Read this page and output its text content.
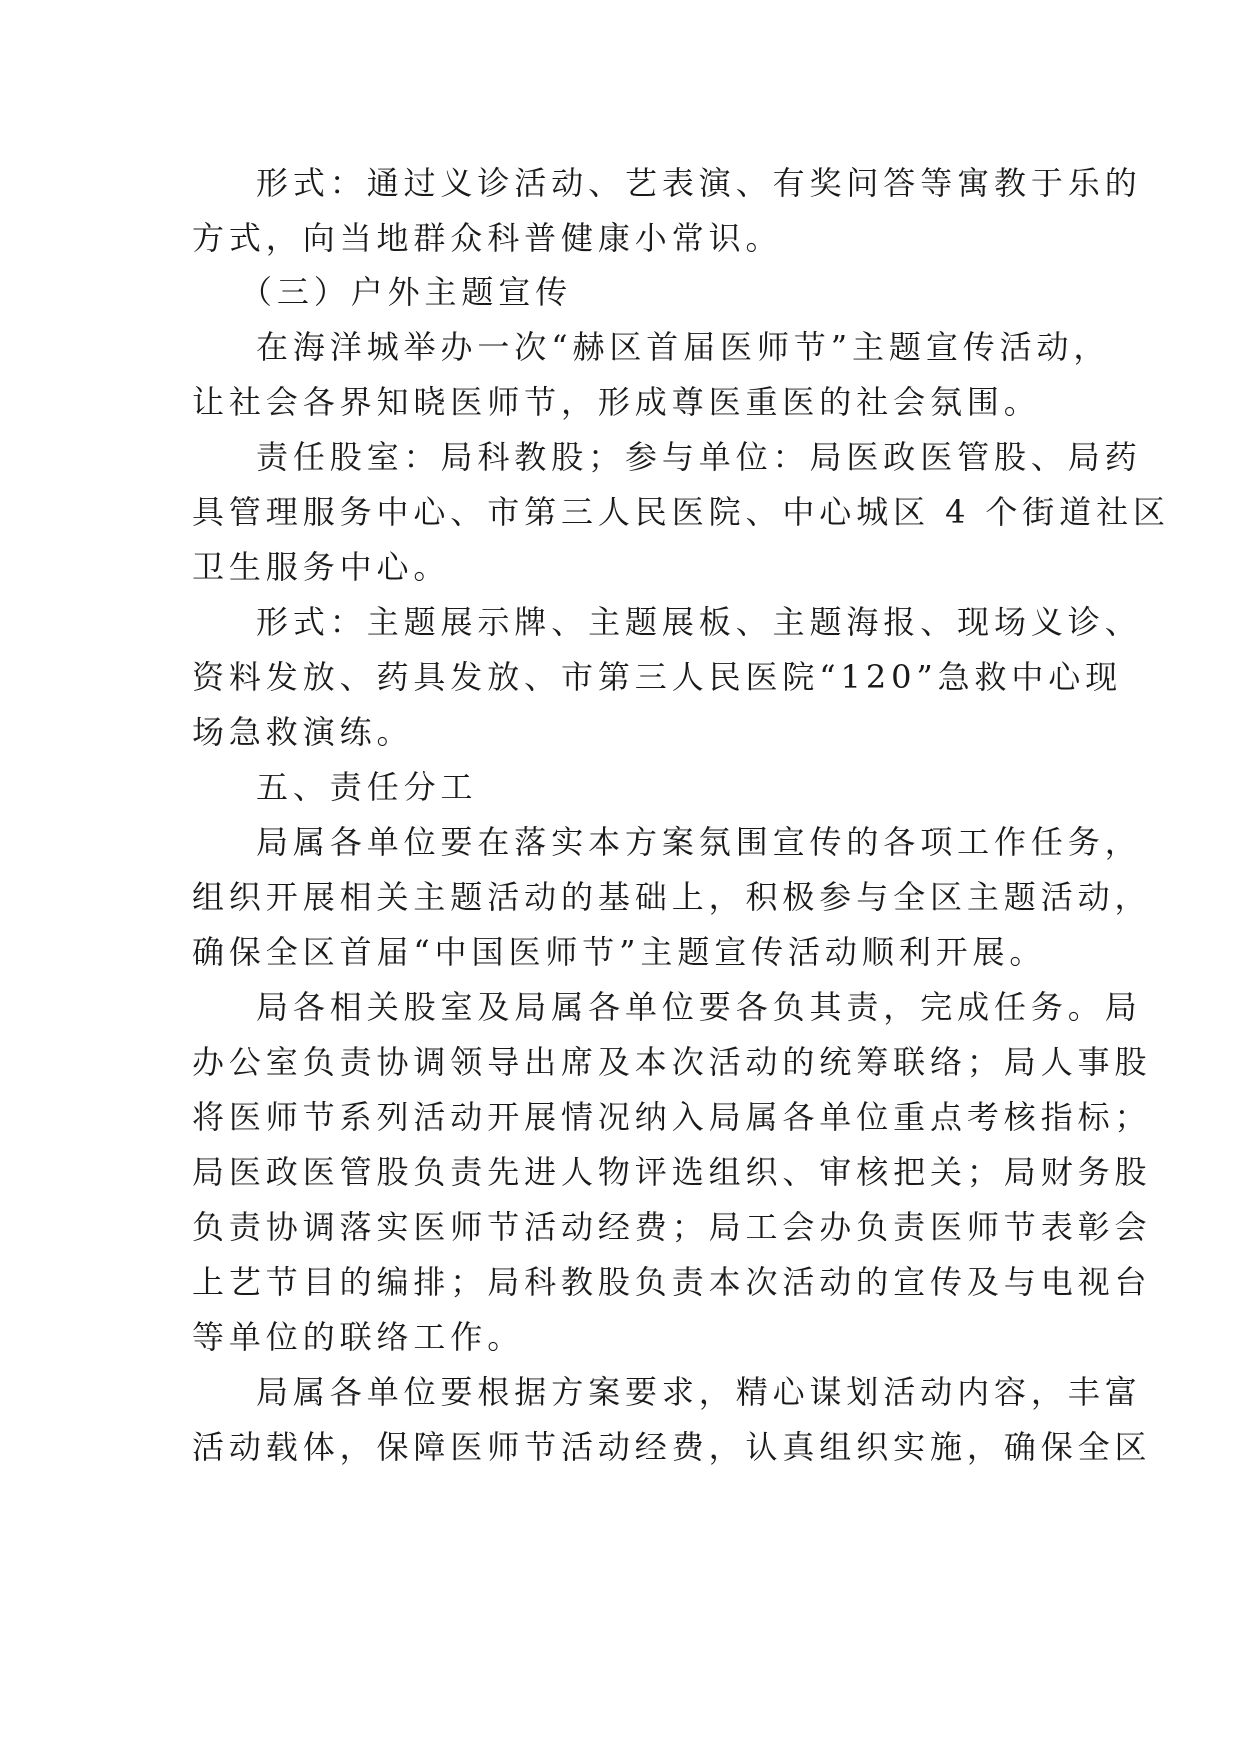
形式：通过义诊活动、艺表演、有奖问答等寓教于乐的
方式，向当地群众科普健康小常识。
（三）户外主题宣传
在海洋城举办一次“赫区首届医师节”主题宣传活动，
让社会各界知晓医师节，形成尊医重医的社会氛围。
责任股室：局科教股；参与单位：局医政医管股、局药
具管理服务中心、市第三人民医院、中心城区 4 个街道社区
卫生服务中心。
形式：主题展示牌、主题展板、主题海报、现场义诊、
资料发放、药具发放、市第三人民医院“120”急救中心现
场急救演练。
五、责任分工
局属各单位要在落实本方案氛围宣传的各项工作任务，
组织开展相关主题活动的基础上，积极参与全区主题活动，
确保全区首届“中国医师节”主题宣传活动顺利开展。
局各相关股室及局属各单位要各负其责，完成任务。局
办公室负责协调领导出席及本次活动的统筹联络；局人事股
将医师节系列活动开展情况纳入局属各单位重点考核指标；
局医政医管股负责先进人物评选组织、审核把关；局财务股
负责协调落实医师节活动经费；局工会办负责医师节表彰会
上艺节目的编排；局科教股负责本次活动的宣传及与电视台
等单位的联络工作。
局属各单位要根据方案要求，精心谋划活动内容，丰富
活动载体，保障医师节活动经费，认真组织实施，确保全区
